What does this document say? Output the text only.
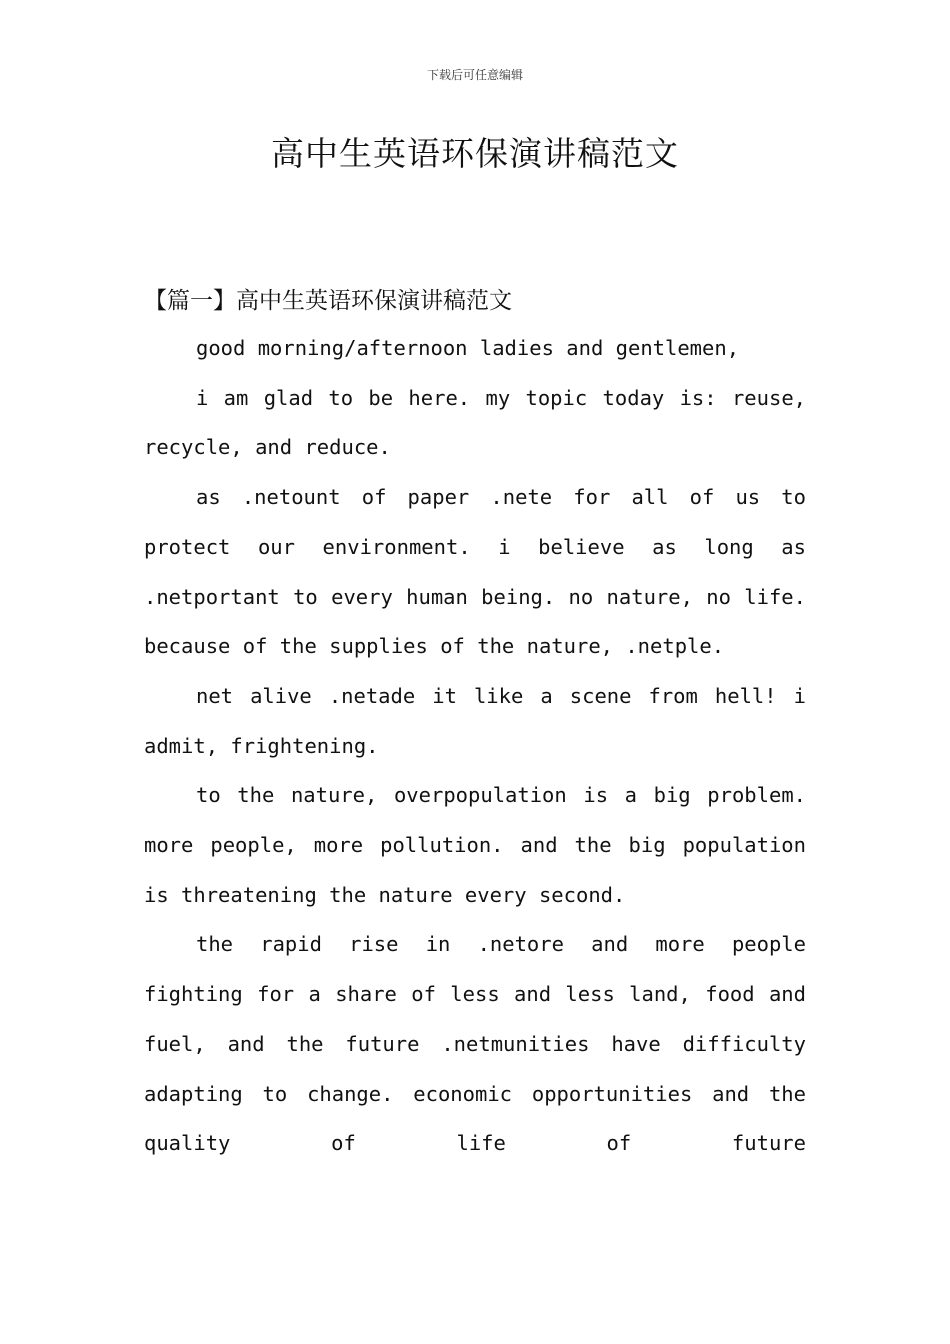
下载后可任意编辑
高中生英语环保演讲稿范文
【篇一】高中生英语环保演讲稿范文

good morning/afternoon ladies and gentlemen,

i am glad to be here. my topic today is: reuse, recycle, and reduce.

as .netount of paper .nete for all of us to protect our environment. i believe as long as .netportant to every human being. no nature, no life. because of the supplies of the nature, .netple.

net alive .netade it like a scene from hell! i admit, frightening.

to the nature, overpopulation is a big problem. more people, more pollution. and the big population is threatening the nature every second.

the rapid rise in .netore and more people fighting for a share of less and less land, food and fuel, and the future .netmunities have difficulty adapting to change. economic opportunities and the quality of life of future
